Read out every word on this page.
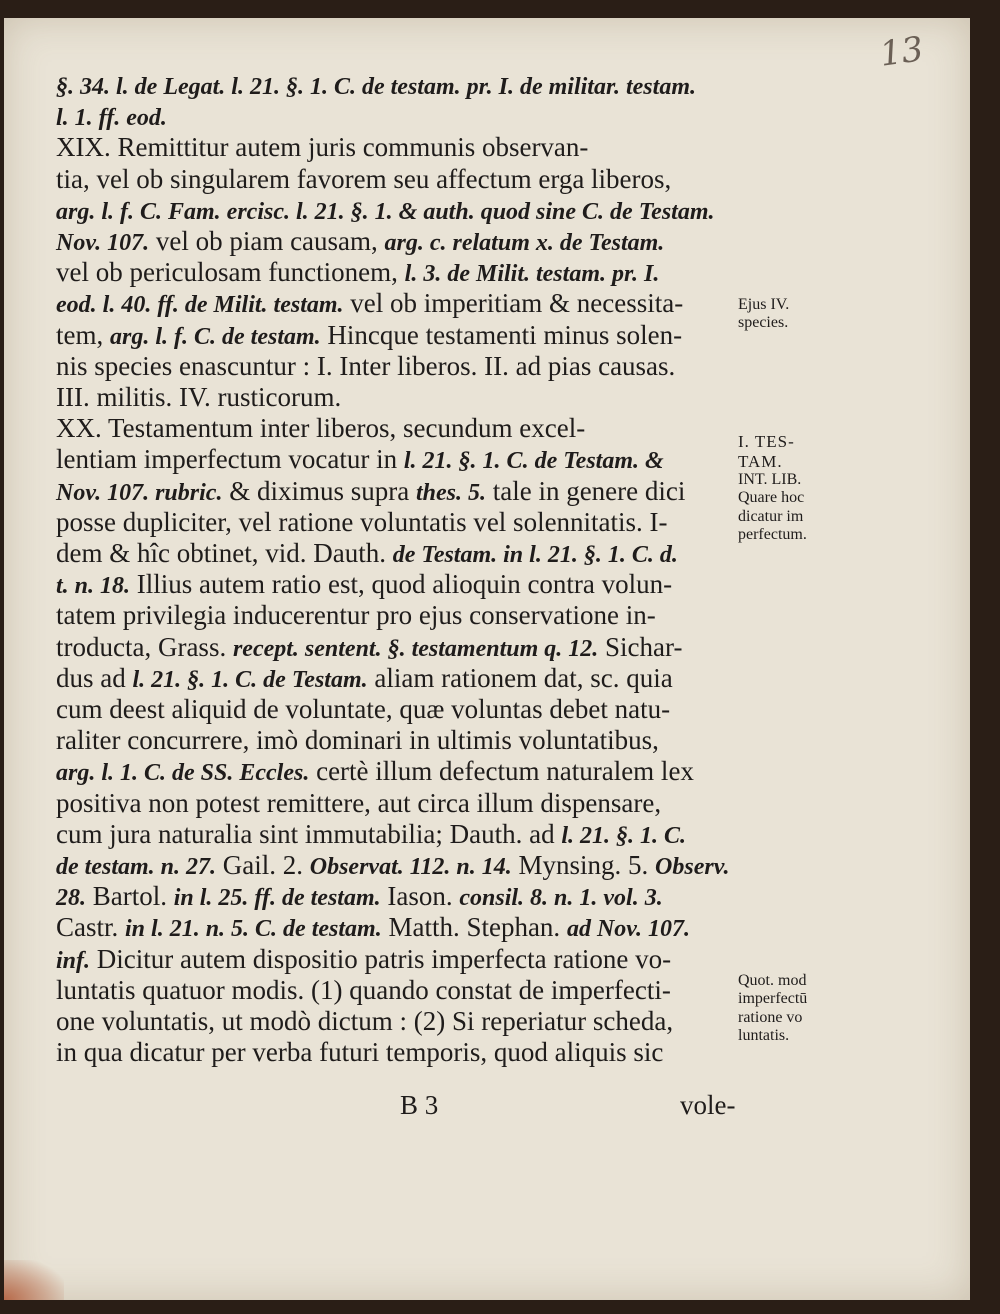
13
§. 34. l. de Legat. l. 21. §. 1. C. de testam. pr. I. de militar. testam.
l. 1. ff. eod.
XIX. Remittitur autem juris communis observan-
tia, vel ob singularem favorem seu affectum erga liberos,
arg. l. f. C. Fam. ercisc. l. 21. §. 1. & auth. quod sine C. de Testam.
Nov. 107. vel ob piam causam, arg. c. relatum x. de Testam.
vel ob periculosam functionem, l. 3. de Milit. testam. pr. I.
eod. l. 40. ff. de Milit. testam. vel ob imperitiam & necessita-
tem, arg. l. f. C. de testam. Hincque testamenti minus solen-
nis species enascuntur : I. Inter liberos. II. ad pias causas.
III. militis. IV. rusticorum.
XX. Testamentum inter liberos, secundum excel-
lentiam imperfectum vocatur in l. 21. §. 1. C. de Testam. &
Nov. 107. rubric. & diximus supra thes. 5. tale in genere dici
posse dupliciter, vel ratione voluntatis vel solennitatis. I-
dem & hîc obtinet, vid. Dauth. de Testam. in l. 21. §. 1. C. d.
t. n. 18. Illius autem ratio est, quod alioquin contra volun-
tatem privilegia inducerentur pro ejus conservatione in-
troducta, Grass. recept. sentent. §. testamentum q. 12. Sichar-
dus ad l. 21. §. 1. C. de Testam. aliam rationem dat, sc. quia
cum deest aliquid de voluntate, quæ voluntas debet natu-
raliter concurrere, imò dominari in ultimis voluntatibus,
arg. l. 1. C. de SS. Eccles. certè illum defectum naturalem lex
positiva non potest remittere, aut circa illum dispensare,
cum jura naturalia sint immutabilia; Dauth. ad l. 21. §. 1. C.
de testam. n. 27. Gail. 2. Observat. 112. n. 14. Mynsing. 5. Observ.
28. Bartol. in l. 25. ff. de testam. Iason. consil. 8. n. 1. vol. 3.
Castr. in l. 21. n. 5. C. de testam. Matth. Stephan. ad Nov. 107.
inf. Dicitur autem dispositio patris imperfecta ratione vo-
luntatis quatuor modis. (1) quando constat de imperfecti-
one voluntatis, ut modò dictum : (2) Si reperiatur scheda,
in qua dicatur per verba futuri temporis, quod aliquis sic
B 3	vole-
Ejus IV.
species.
I. TES-
TAM.
INT. LIB.
Quare hoc
dicatur im
perfectum.
Quot. mod
imperfectū
ratione vo
luntatis.
